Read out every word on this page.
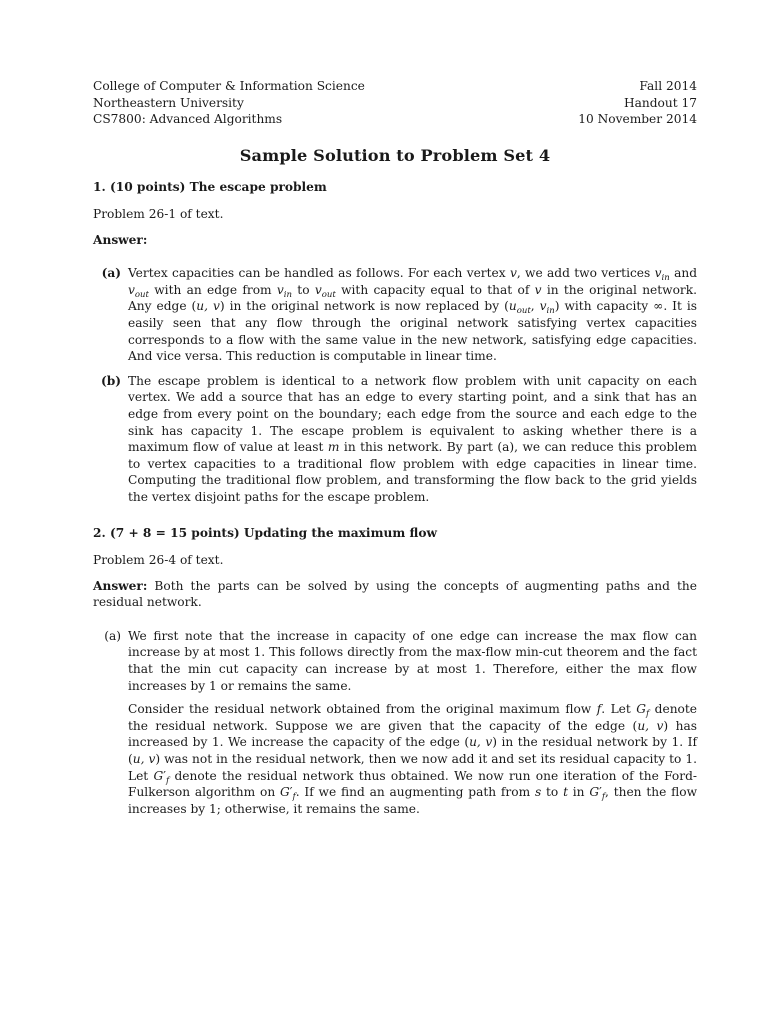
College of Computer & Information Science
Northeastern University
CS7800: Advanced Algorithms
Fall 2014
Handout 17
10 November 2014
Sample Solution to Problem Set 4
1. (10 points) The escape problem

Problem 26-1 of text.

Answer:

(a) Vertex capacities can be handled as follows. For each vertex v, we add two vertices $v_{in}$ and $v_{out}$ with an edge from $v_{in}$ to $v_{out}$ with capacity equal to that of v in the original network. Any edge (u, v) in the original network is now replaced by ($u_{out}$, $v_{in}$) with capacity ∞. It is easily seen that any flow through the original network satisfying vertex capacities corresponds to a flow with the same value in the new network, satisfying edge capacities. And vice versa. This reduction is computable in linear time.
(b) The escape problem is identical to a network flow problem with unit capacity on each vertex. We add a source that has an edge to every starting point, and a sink that has an edge from every point on the boundary; each edge from the source and each edge to the sink has capacity 1. The escape problem is equivalent to asking whether there is a maximum flow of value at least m in this network. By part (a), we can reduce this problem to vertex capacities to a traditional flow problem with edge capacities in linear time. Computing the traditional flow problem, and transforming the flow back to the grid yields the vertex disjoint paths for the escape problem.
2. (7 + 8 = 15 points) Updating the maximum flow

Problem 26-4 of text.

Answer: Both the parts can be solved by using the concepts of augmenting paths and the residual network.

(a) We first note that the increase in capacity of one edge can increase the max flow can increase by at most 1. This follows directly from the max-flow min-cut theorem and the fact that the min cut capacity can increase by at most 1. Therefore, either the max flow increases by 1 or remains the same.

Consider the residual network obtained from the original maximum flow f. Let $G_f$ denote the residual network. Suppose we are given that the capacity of the edge (u, v) has increased by 1. We increase the capacity of the edge (u, v) in the residual network by 1. If (u, v) was not in the residual network, then we now add it and set its residual capacity to 1. Let $G'_f$ denote the residual network thus obtained. We now run one iteration of the Ford-Fulkerson algorithm on $G'_f$. If we find an augmenting path from s to t in $G'_f$, then the flow increases by 1; otherwise, it remains the same.
